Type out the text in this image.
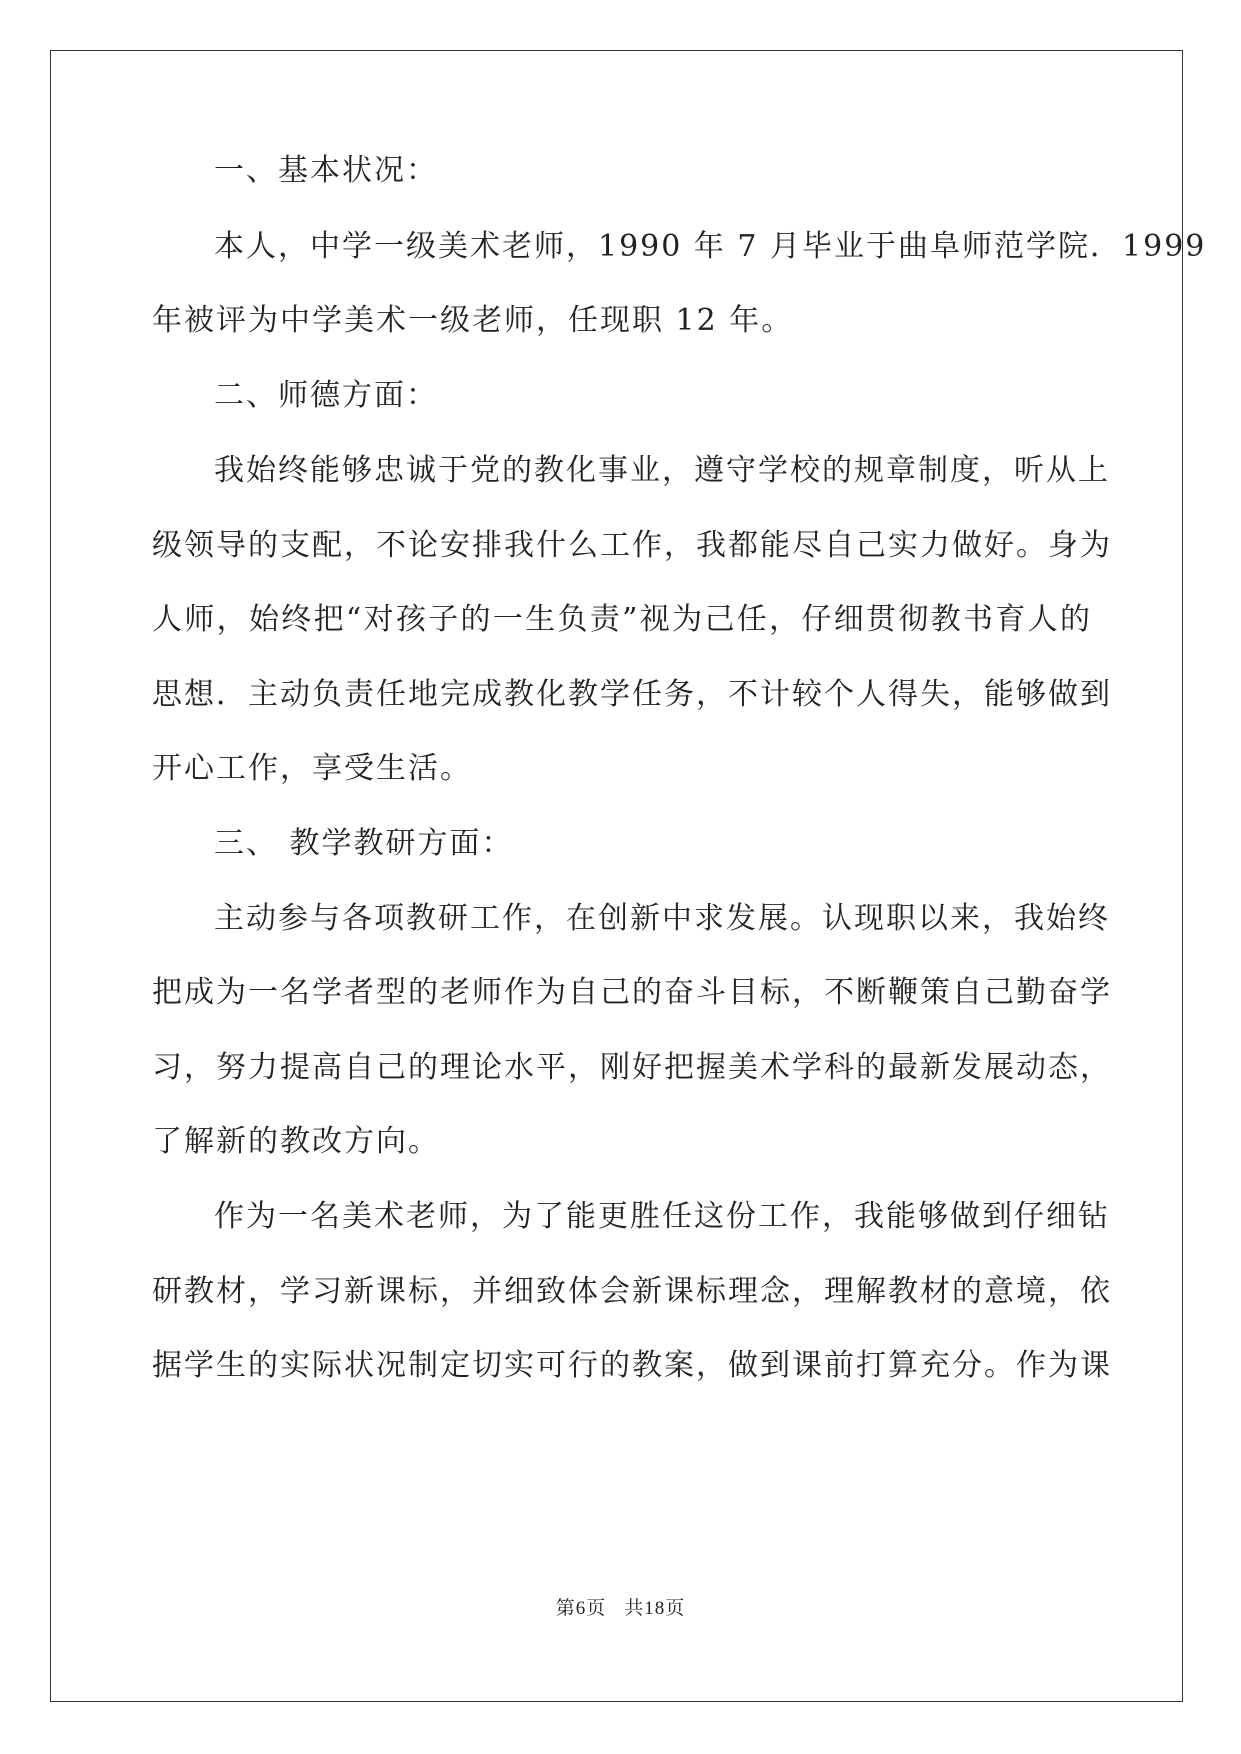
一、基本状况：
本人，中学一级美术老师，1990 年 7 月毕业于曲阜师范学院．1999
年被评为中学美术一级老师，任现职 12 年。
二、师德方面：
我始终能够忠诚于党的教化事业，遵守学校的规章制度，听从上
级领导的支配，不论安排我什么工作，我都能尽自己实力做好。身为
人师，始终把“对孩子的一生负责”视为己任，仔细贯彻教书育人的
思想．主动负责任地完成教化教学任务，不计较个人得失，能够做到
开心工作，享受生活。
三、 教学教研方面：
主动参与各项教研工作，在创新中求发展。认现职以来，我始终
把成为一名学者型的老师作为自己的奋斗目标，不断鞭策自己勤奋学
习，努力提高自己的理论水平，刚好把握美术学科的最新发展动态，
了解新的教改方向。
作为一名美术老师，为了能更胜任这份工作，我能够做到仔细钻
研教材，学习新课标，并细致体会新课标理念，理解教材的意境，依
据学生的实际状况制定切实可行的教案，做到课前打算充分。作为课
第6页 共18页
